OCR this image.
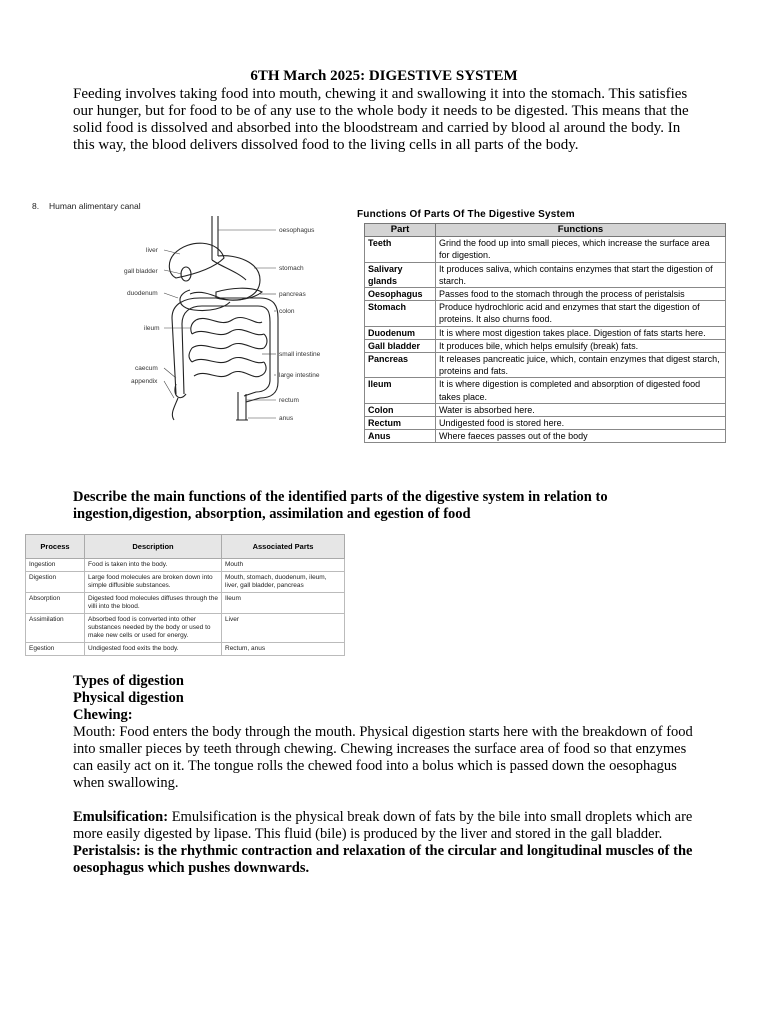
6TH March 2025: DIGESTIVE SYSTEM

Feeding involves taking food into mouth, chewing it and swallowing it into the stomach. This satisfies our hunger, but for food to be of any use to the whole body it needs to be digested. This means that the solid food is dissolved and absorbed into the bloodstream and carried by blood al around the body. In this way, the blood delivers dissolved food to the living cells in all parts of the body.

8. Human alimentary canal
oesophagus
liver
stomach
gall bladder
duodenum	pancreas
colon
ileum
small intestine
caecum
large intestine
appendix
rectum
anus
Functions Of Parts Of The Digestive System
Part	Functions
Teeth	Grind the food up into small pieces, which increase the surface area for digestion.
Salivary glands	It produces saliva, which contains enzymes that start the digestion of starch.
Oesophagus	Passes food to the stomach through the process of peristalsis
Stomach	Produce hydrochloric acid and enzymes that start the digestion of proteins. It also churns food.
Duodenum	It is where most digestion takes place. Digestion of fats starts here.
Gall bladder	It produces bile, which helps emulsify (break) fats.
Pancreas	It releases pancreatic juice, which, contain enzymes that digest starch, proteins and fats.
Ileum	It is where digestion is completed and absorption of digested food takes place.
Colon	Water is absorbed here.
Rectum	Undigested food is stored here.
Anus	Where faeces passes out of the body

Describe the main functions of the identified parts of the digestive system in relation to ingestion,digestion, absorption, assimilation and egestion of food

Process	Description	Associated Parts
Ingestion	Food is taken into the body.	Mouth
Digestion	Large food molecules are broken down into simple diffusible substances.	Mouth, stomach, duodenum, ileum, liver, gall bladder, pancreas
Absorption	Digested food molecules diffuses through the villi into the blood.	Ileum
Assimilation	Absorbed food is converted into other substances needed by the body or used to make new cells or used for energy.	Liver
Egestion	Undigested food exits the body.	Rectum, anus

Types of digestion

Physical digestion

Chewing:

Mouth: Food enters the body through the mouth. Physical digestion starts here with the breakdown of food into smaller pieces by teeth through chewing. Chewing increases the surface area of food so that enzymes can easily act on it. The tongue rolls the chewed food into a bolus which is passed down the oesophagus when swallowing.

Emulsification: Emulsification is the physical break down of fats by the bile into small droplets which are more easily digested by lipase. This fluid (bile) is produced by the liver and stored in the gall bladder.

Peristalsis: is the rhythmic contraction and relaxation of the circular and longitudinal muscles of the oesophagus which pushes downwards.
